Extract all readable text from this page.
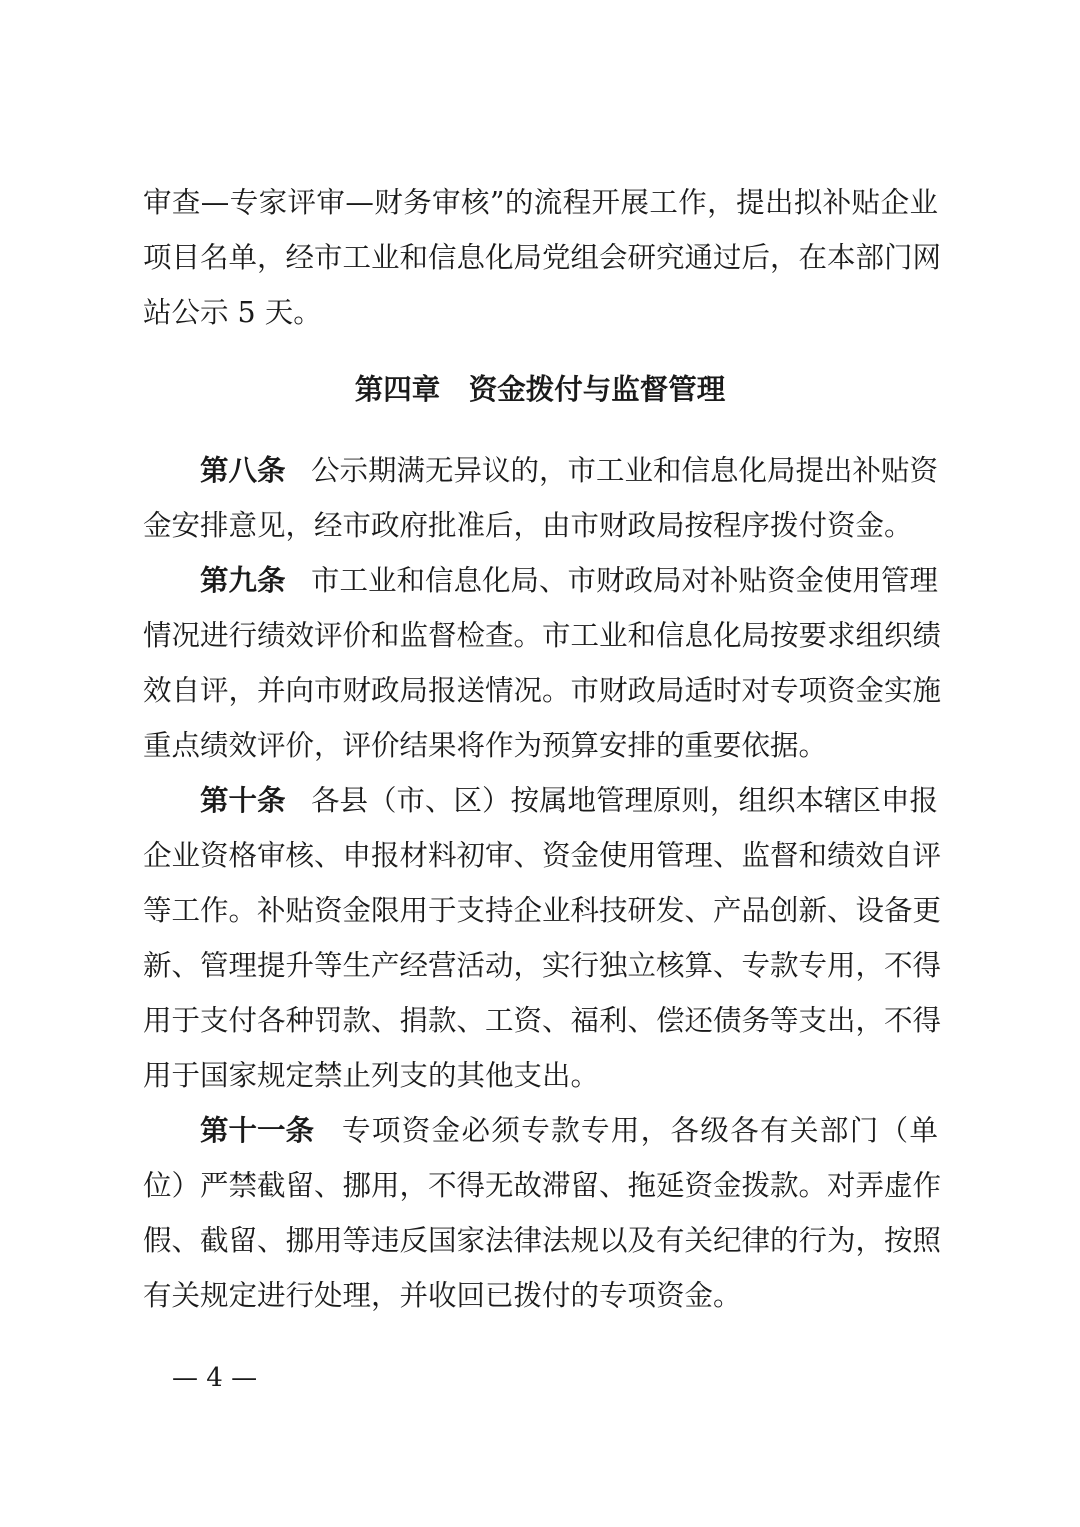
审查—专家评审—财务审核”的流程开展工作，提出拟补贴企业
项目名单，经市工业和信息化局党组会研究通过后，在本部门网
站公示 5 天。
第四章　资金拨付与监督管理
第八条 公示期满无异议的，市工业和信息化局提出补贴资
金安排意见，经市政府批准后，由市财政局按程序拨付资金。
第九条 市工业和信息化局、市财政局对补贴资金使用管理
情况进行绩效评价和监督检查。市工业和信息化局按要求组织绩
效自评，并向市财政局报送情况。市财政局适时对专项资金实施
重点绩效评价，评价结果将作为预算安排的重要依据。
第十条 各县（市、区）按属地管理原则，组织本辖区申报
企业资格审核、申报材料初审、资金使用管理、监督和绩效自评
等工作。补贴资金限用于支持企业科技研发、产品创新、设备更
新、管理提升等生产经营活动，实行独立核算、专款专用，不得
用于支付各种罚款、捐款、工资、福利、偿还债务等支出，不得
用于国家规定禁止列支的其他支出。
第十一条 专项资金必须专款专用，各级各有关部门（单
位）严禁截留、挪用，不得无故滞留、拖延资金拨款。对弄虚作
假、截留、挪用等违反国家法律法规以及有关纪律的行为，按照
有关规定进行处理，并收回已拨付的专项资金。
— 4 —
